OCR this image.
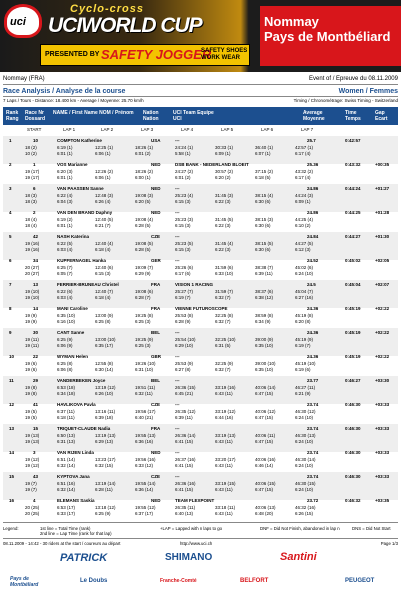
uci
Cyclo-cross
UCIWORLD CUP
PRESENTED BY SAFETY JOGGER
SAFETY SHOES WORK WEAR
Nommay
Pays de Montbéliard
Nommay (FRA)	Event of / Epreuve du 08.11.2009
Race Analysis / Analyse de la course	Women / Femmes
7 Laps / Tours - Distance: 18.400 km - Average / Moyenne: 25.70 km/h	Timing / Chronométrage: Swiss Timing - Switzerland
Rank Rang
Race Nr Dossard
NAME / First Name NOM / Prénom Nation Nation
UCI Team Equipe UCI
Average Moyenne
Time Temps
Gap Ecart
START	LAP 1	LAP 2	LAP 3	LAP 4	LAP 5	LAP 6	LAP 7
1	10	COMPTON Katherine	USA	---	25.7	0:42:57
18 (2)	6:19 (1)	12:25 (1)	18:26 (1)	24:24 (1)	30:33 (1)	36:40 (1)	42:57 (1)
10 (2)	6:01 (1)	6:06 (1)	6:01 (2)	5:58 (1)	6:09 (1)	6:07 (1)	6:17 (4)
2	1	VOS Marianne	NED	DSB BANK - NEDERLAND BLOEIT	25.36	0:43:32	+00:35
19 (17)	6:20 (3)	12:26 (2)	18:26 (2)	24:27 (2)	30:57 (2)	37:15 (2)	43:32 (2)
19 (17)	6:01 (1)	6:06 (1)	6:00 (1)	6:01 (2)	6:20 (2)	6:18 (5)	6:17 (4)
3	6	VAN PAASSEN Sanne	NED	---	24.86	0:44:24	+01:27
18 (3)	6:22 (4)	12:48 (3)	19:08 (3)	25:23 (4)	31:45 (3)	38:15 (4)	44:24 (3)
18 (3)	6:04 (3)	6:26 (4)	6:20 (5)	6:15 (3)	6:22 (3)	6:30 (6)	6:09 (1)
4	2	VAN DEN BRAND Daphny	NED	---	24.86	0:44:25	+01:28
18 (4)	6:19 (2)	12:40 (5)	19:08 (4)	25:23 (3)	31:45 (5)	38:15 (3)	44:25 (4)
18 (4)	6:01 (1)	6:21 (7)	6:28 (5)	6:15 (3)	6:22 (3)	6:30 (6)	6:10 (2)
5	42	NASH Katerina	CZE	---	24.84	0:44:27	+01:30
19 (16)	6:22 (5)	12:40 (4)	19:08 (5)	25:23 (5)	31:45 (4)	38:15 (5)	44:27 (5)
19 (16)	6:03 (4)	6:18 (4)	6:28 (5)	6:15 (3)	6:22 (3)	6:30 (6)	6:12 (3)
6	34	KUPFERNAGEL Hanka	GER	---	24.52	0:45:02	+02:05
20 (27)	6:25 (7)	12:40 (6)	19:09 (7)	25:26 (6)	31:59 (6)	38:38 (7)	45:02 (6)
20 (27)	6:05 (7)	6:15 (3)	6:29 (9)	6:17 (6)	6:33 (10)	6:39 (11)	6:24 (10)
7	13	FERRIER-BRUNEAU Christel	FRA	VISION 1 RACING	24.5	0:45:04	+02:07
19 (10)	6:22 (6)	12:40 (7)	19:08 (6)	25:27 (7)	31:59 (7)	38:37 (6)	45:04 (7)
19 (10)	6:03 (4)	6:18 (4)	6:28 (7)	6:19 (7)	6:32 (7)	6:38 (12)	6:27 (16)
8	14	MANI Caroline	FRA	VIENNE FUTUROSCOPE	24.36	0:45:19	+02:22
19 (9)	6:35 (10)	13:00 (9)	19:25 (8)	25:53 (8)	32:25 (8)	38:59 (8)	45:19 (8)
19 (9)	6:16 (10)	6:25 (8)	6:25 (3)	6:28 (9)	6:32 (7)	6:34 (9)	6:20 (8)
9	30	CANT Sanne	BEL	---	24.36	0:45:19	+02:22
19 (11)	6:25 (9)	13:00 (10)	19:25 (9)	25:54 (10)	32:25 (10)	39:00 (9)	45:19 (9)
19 (11)	6:06 (9)	6:35 (17)	6:25 (3)	6:29 (10)	6:31 (5)	6:35 (10)	6:19 (7)
10	22	WYMAN Helen	GBR	---	24.36	0:45:19	+02:22
19 (6)	6:25 (8)	12:55 (8)	19:26 (10)	25:53 (9)	32:25 (9)	39:00 (10)	45:19 (10)
19 (6)	6:06 (8)	6:30 (14)	6:31 (10)	6:27 (8)	6:32 (7)	6:35 (10)	6:19 (6)
11	29	VANDERBEKEN Joyce	BEL	---	23.77	0:46:27	+03:30
19 (8)	6:53 (18)	13:19 (12)	19:51 (11)	26:36 (15)	33:19 (16)	40:06 (14)	46:27 (11)
19 (8)	6:34 (18)	6:26 (10)	6:32 (11)	6:45 (21)	6:43 (11)	6:47 (15)	6:21 (9)
12	41	HAVLIKOVA Pavla	CZE	---	23.74	0:46:30	+03:33
19 (5)	6:37 (11)	13:16 (11)	19:56 (17)	26:35 (12)	33:19 (12)	40:06 (12)	46:30 (12)
19 (5)	6:18 (11)	6:39 (18)	6:40 (21)	6:39 (11)	6:44 (16)	6:47 (15)	6:24 (10)
13	15	TRIQUET-CLAUDE Nadia	FRA	---	23.74	0:46:30	+03:33
19 (13)	6:50 (13)	13:19 (13)	19:55 (13)	26:36 (14)	33:19 (13)	40:06 (11)	46:30 (13)
19 (13)	6:31 (13)	6:29 (13)	6:36 (16)	6:41 (15)	6:43 (11)	6:47 (15)	6:24 (10)
14	3	VAN RIJEN Linda	NED	---	23.74	0:46:30	+03:33
19 (12)	6:51 (14)	13:23 (17)	19:56 (16)	26:37 (16)	33:20 (17)	40:06 (16)	46:30 (14)
19 (12)	6:32 (14)	6:32 (15)	6:33 (12)	6:41 (15)	6:43 (11)	6:46 (14)	6:24 (10)
15	43	KYPTOVA Jana	CZE	---	23.74	0:46:30	+03:33
19 (7)	6:51 (16)	13:19 (14)	19:55 (14)	26:36 (16)	33:19 (15)	40:06 (15)	46:30 (15)
19 (7)	6:32 (14)	6:28 (11)	6:36 (14)	6:41 (15)	6:43 (11)	6:47 (15)	6:24 (10)
16	4	ELEMANS Saskia	NED	TEAM FLEXPOINT	23.72	0:46:32	+03:35
20 (25)	6:53 (17)	13:18 (12)	19:55 (12)	26:35 (11)	33:18 (11)	40:06 (13)	46:32 (16)
20 (25)	6:33 (17)	6:25 (9)	6:37 (17)	6:40 (13)	6:43 (11)	6:48 (20)	6:26 (15)
Legend:	1st line = Total Time (rank)
2nd line = Lap Time (rank for that lap)
+LAP = Lapped with n laps to go	DNF = Did Not Finish, abandoned in lap n	DNS = Did Not Start
08.11.2009 - 14:42 - 30 riders at the start / coureurs au départ	http://www.uci.ch	Page 1/3
PATRICK	SHIMANO	Santini
Pays de Montbéliard
Le Doubs	Franche-Comté	BELFORT	PEUGEOT
